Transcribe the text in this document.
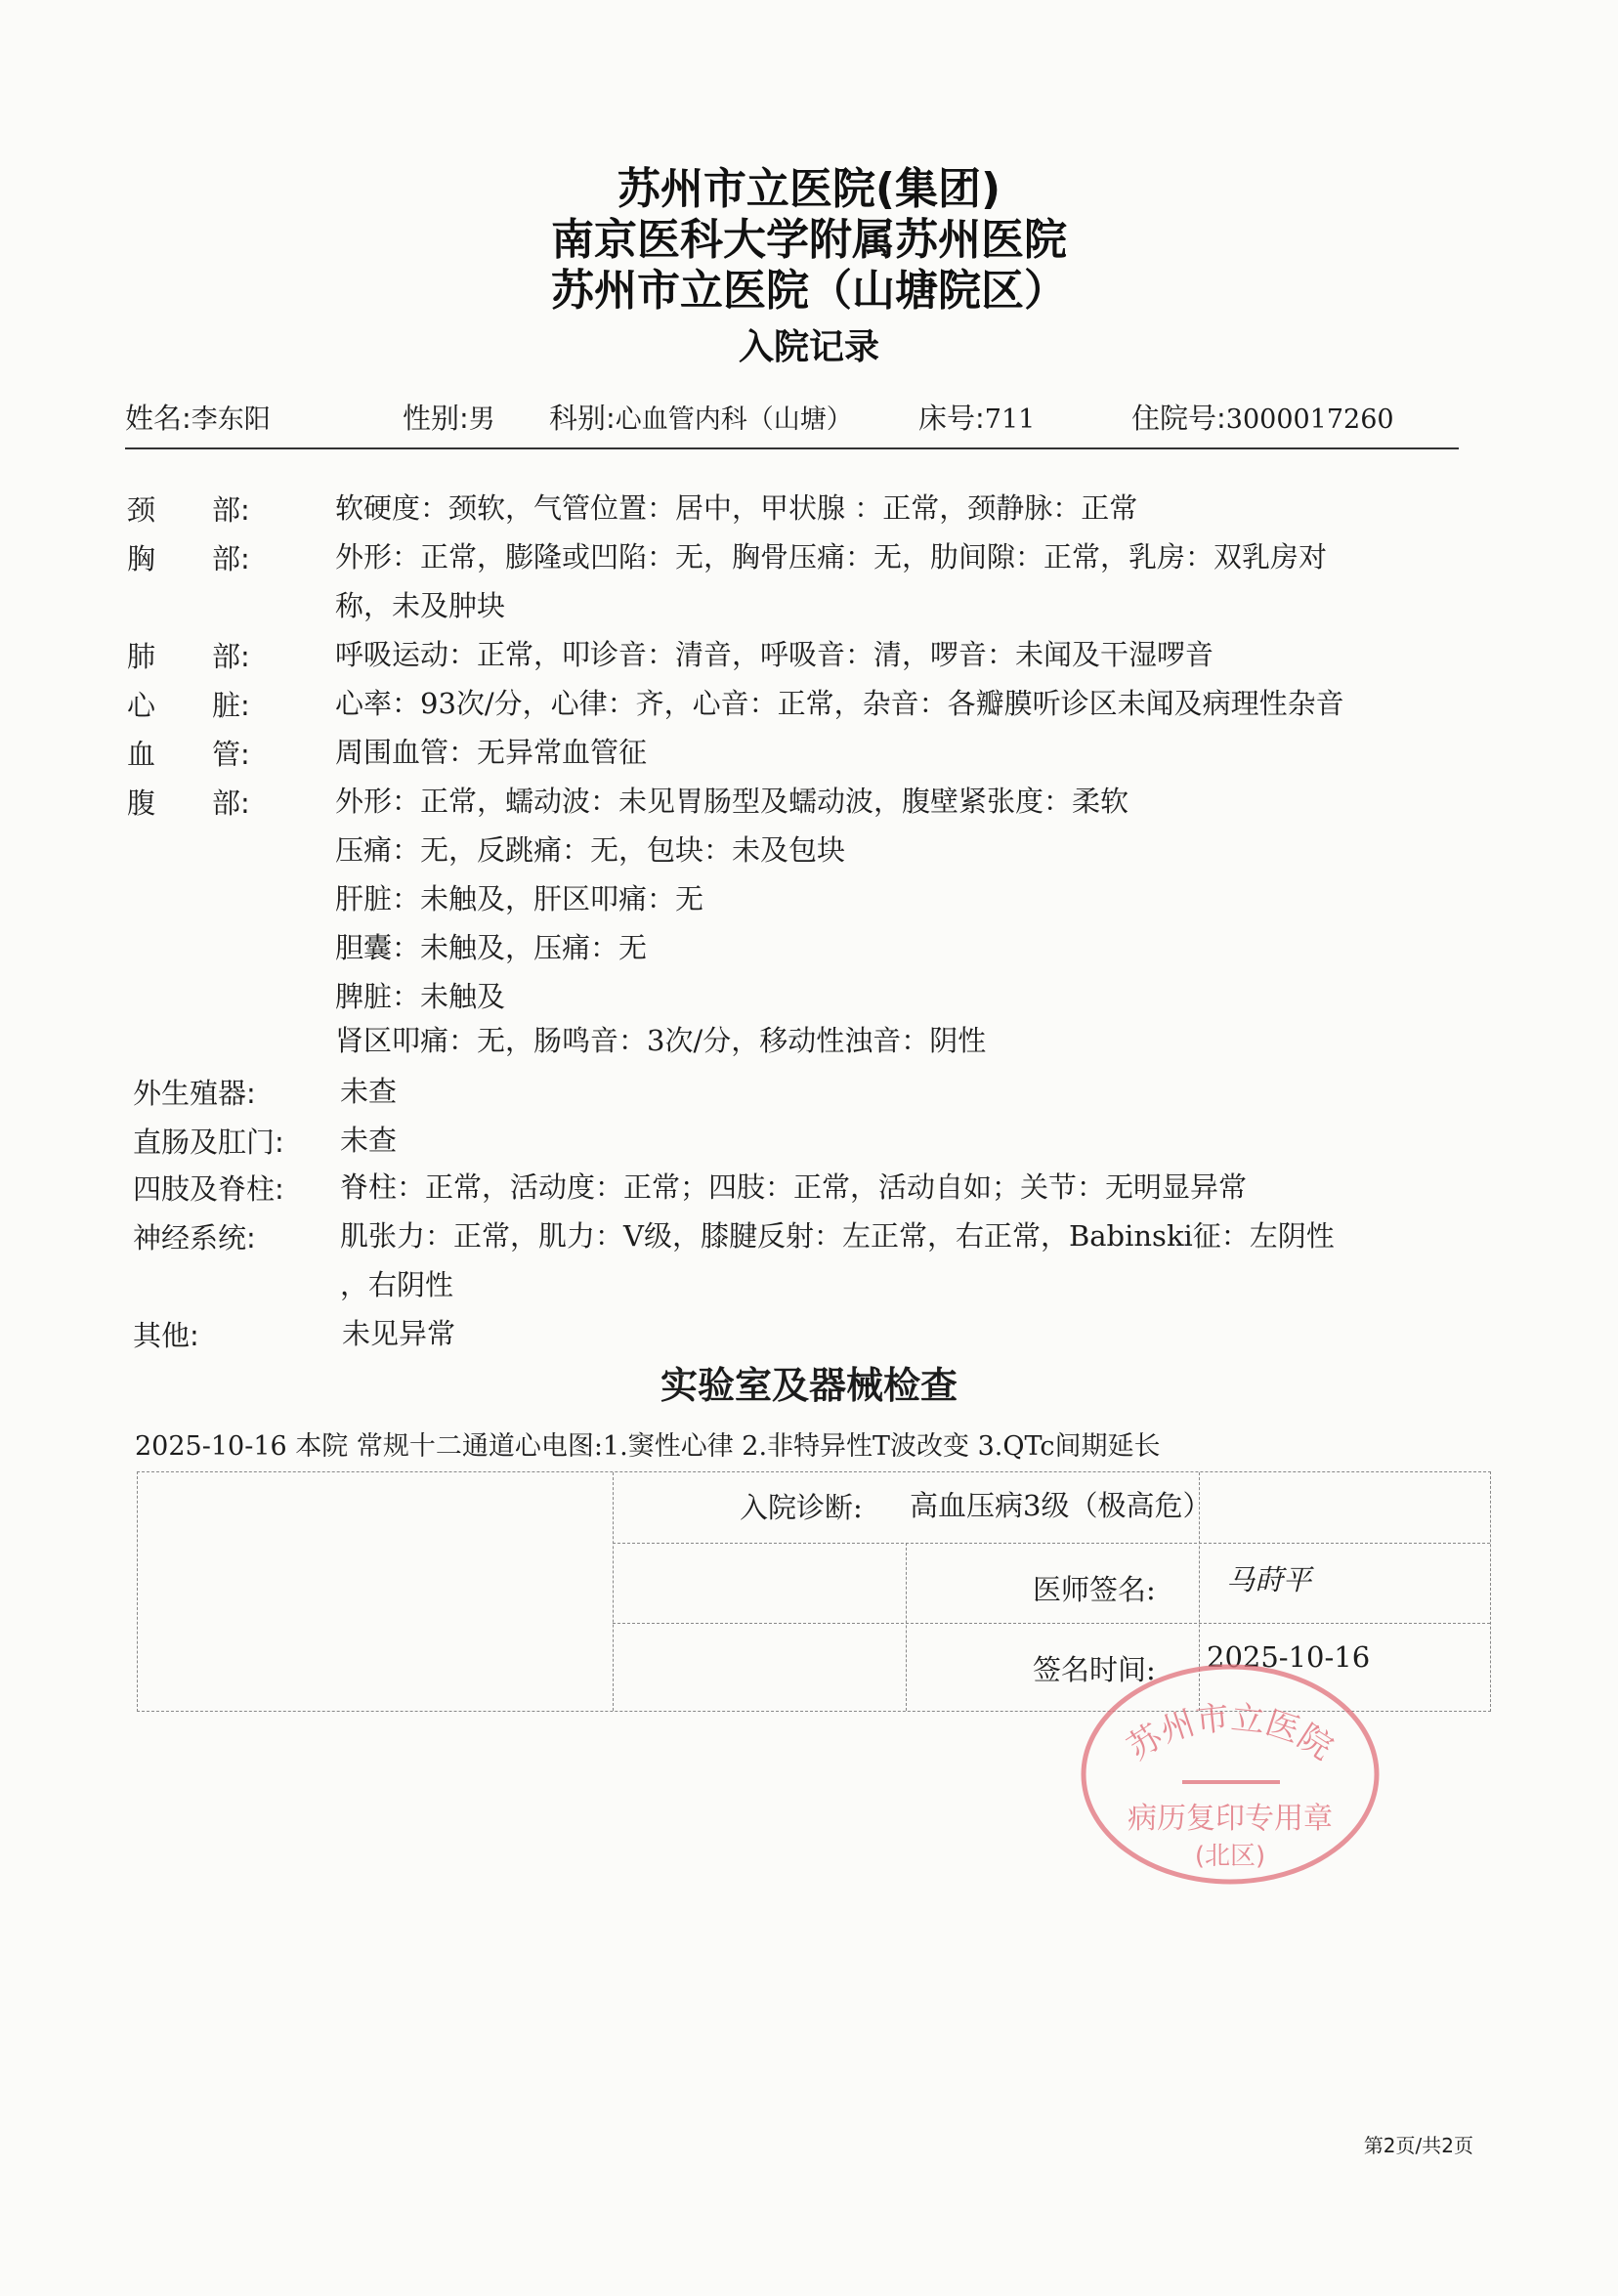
苏州市立医院(集团)
南京医科大学附属苏州医院
苏州市立医院（山塘院区）
入院记录
姓名:李东阳	性别:男 科别:心血管内科（山塘） 床号:711	住院号:3000017260
颈　　部:	软硬度：颈软，气管位置：居中，甲状腺 ：正常，颈静脉：正常
胸　　部:	外形：正常，膨隆或凹陷：无，胸骨压痛：无，肋间隙：正常，乳房：双乳房对
称，未及肿块
肺　　部:	呼吸运动：正常，叩诊音：清音，呼吸音：清，啰音：未闻及干湿啰音
心　　脏:	心率：93次/分，心律：齐，心音：正常，杂音：各瓣膜听诊区未闻及病理性杂音
血　　管:	周围血管：无异常血管征
腹　　部:	外形：正常，蠕动波：未见胃肠型及蠕动波，腹壁紧张度：柔软
压痛：无，反跳痛：无，包块：未及包块
肝脏：未触及，肝区叩痛：无
胆囊：未触及，压痛：无
脾脏：未触及
肾区叩痛：无，肠鸣音：3次/分，移动性浊音：阴性
外生殖器:	未查
直肠及肛门:	未查
四肢及脊柱:	脊柱：正常，活动度：正常；四肢：正常，活动自如；关节：无明显异常
神经系统:	肌张力：正常，肌力：Ⅴ级，膝腱反射：左正常，右正常，Babinski征：左阴性
，右阴性
其他:	未见异常
实验室及器械检查
2025-10-16 本院 常规十二通道心电图:1.窦性心律 2.非特异性T波改变 3.QTc间期延长
入院诊断: 高血压病3级（极高危）
医师签名: 马莳平
签名时间: 2025-10-16
苏州市立医院
病历复印专用章
(北区)
第2页/共2页
